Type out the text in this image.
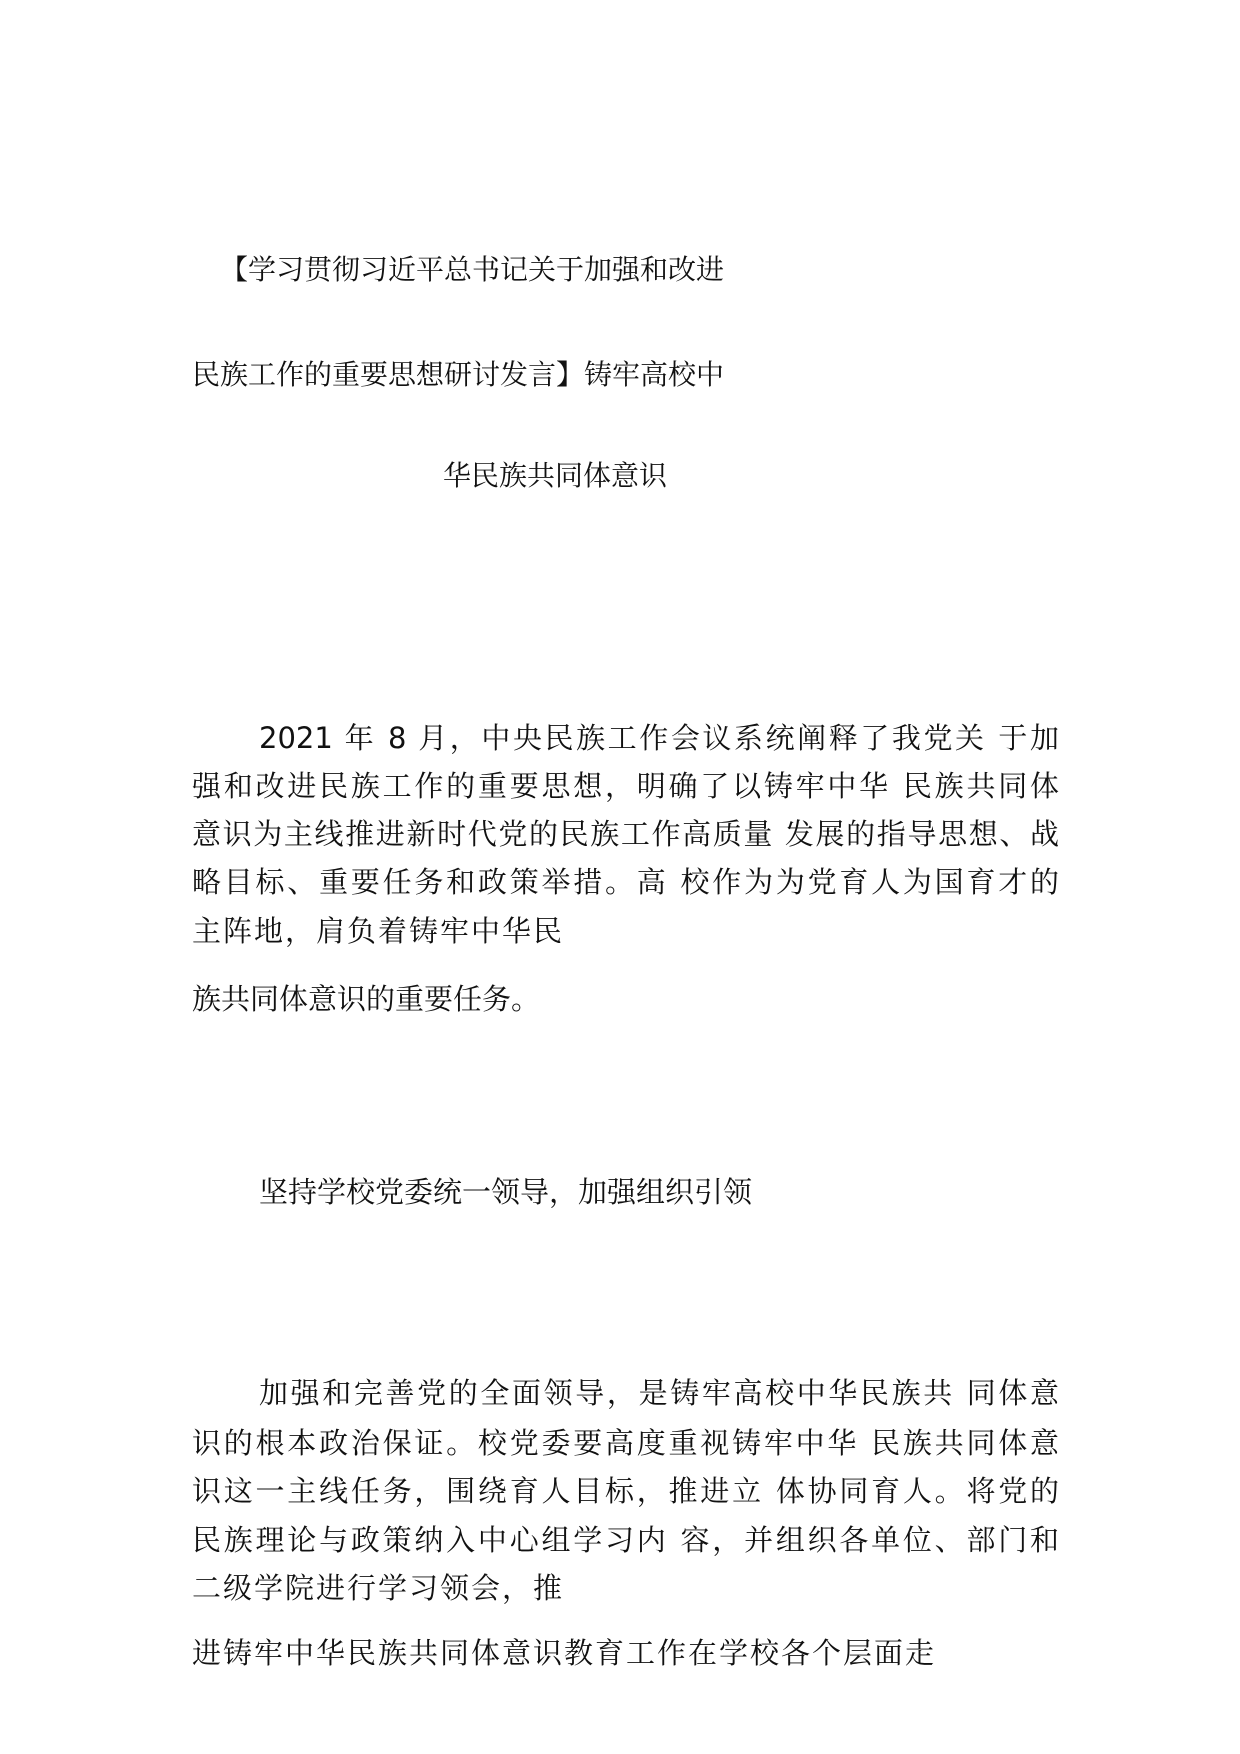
【学习贯彻习近平总书记关于加强和改进
民族工作的重要思想研讨发言】铸牢高校中
华民族共同体意识
2021 年 8 月，中央民族工作会议系统阐释了我党关 于加
强和改进民族工作的重要思想，明确了以铸牢中华 民族共同体
意识为主线推进新时代党的民族工作高质量 发展的指导思想、战
略目标、重要任务和政策举措。高 校作为为党育人为国育才的
主阵地，肩负着铸牢中华民
族共同体意识的重要任务。
坚持学校党委统一领导，加强组织引领
加强和完善党的全面领导，是铸牢高校中华民族共 同体意
识的根本政治保证。校党委要高度重视铸牢中华 民族共同体意
识这一主线任务，围绕育人目标，推进立 体协同育人。将党的
民族理论与政策纳入中心组学习内 容，并组织各单位、部门和
二级学院进行学习领会，推
进铸牢中华民族共同体意识教育工作在学校各个层面走
